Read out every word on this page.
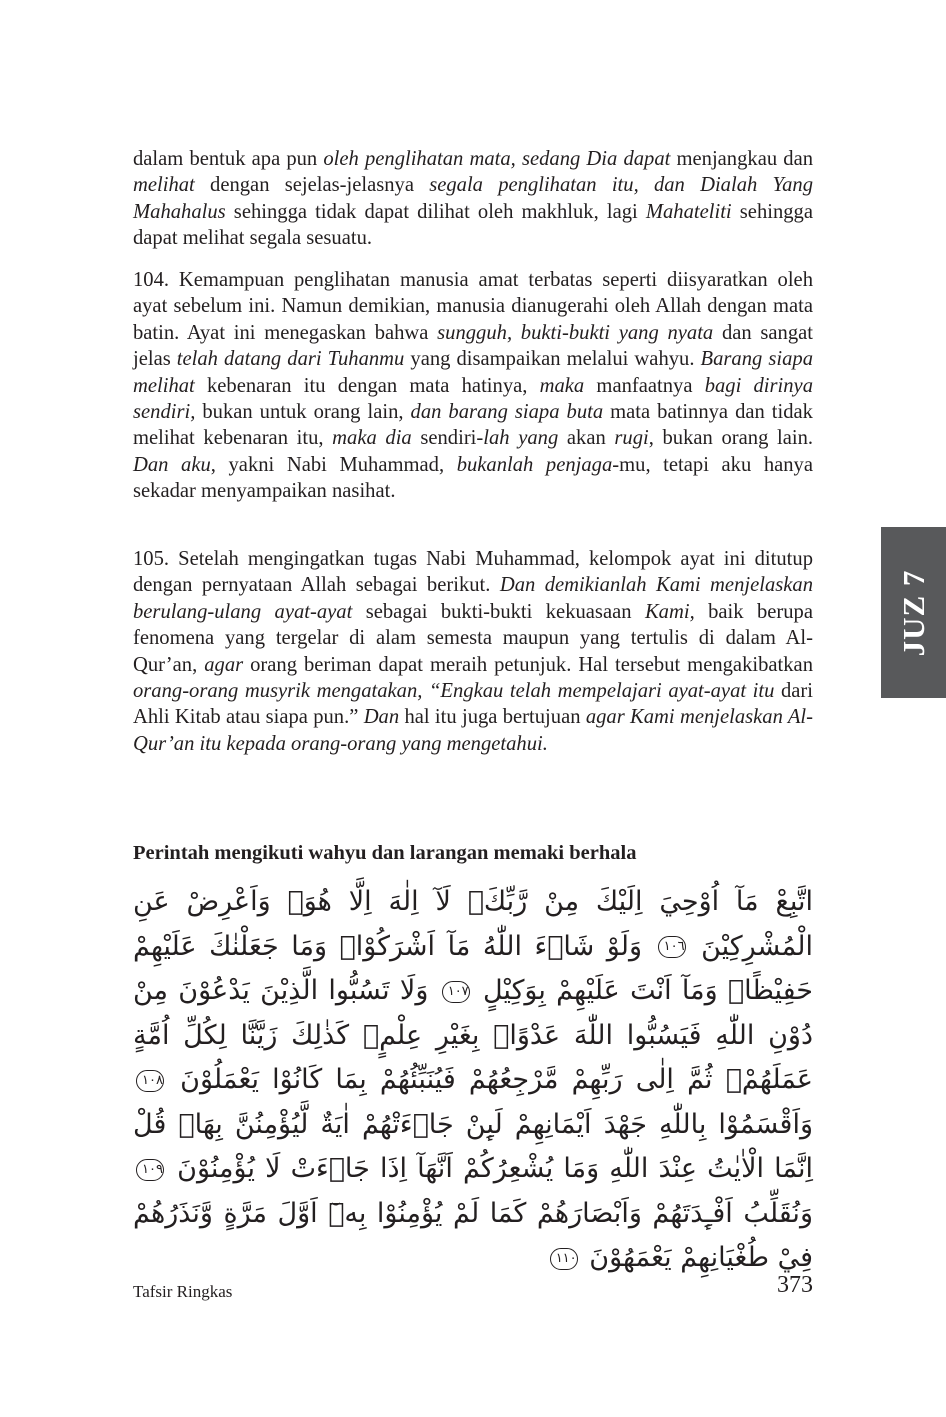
dalam bentuk apa pun oleh penglihatan mata, sedang Dia dapat menjangkau dan melihat dengan sejelas-jelasnya segala penglihatan itu, dan Dialah Yang Mahahalus sehingga tidak dapat dilihat oleh makhluk, lagi Mahateliti sehingga dapat melihat segala sesuatu.

104. Kemampuan penglihatan manusia amat terbatas seperti diisyaratkan oleh ayat sebelum ini. Namun demikian, manusia dianugerahi oleh Allah dengan mata batin. Ayat ini menegaskan bahwa sungguh, bukti-bukti yang nyata dan sangat jelas telah datang dari Tuhanmu yang disampaikan melalui wahyu. Barang siapa melihat kebenaran itu dengan mata hatinya, maka manfaatnya bagi dirinya sendiri, bukan untuk orang lain, dan barang siapa buta mata batinnya dan tidak melihat kebenaran itu, maka dia sendiri-lah yang akan rugi, bukan orang lain. Dan aku, yakni Nabi Muhammad, bukanlah penjaga-mu, tetapi aku hanya sekadar menyampaikan nasihat.

105. Setelah mengingatkan tugas Nabi Muhammad, kelompok ayat ini ditutup dengan pernyataan Allah sebagai berikut. Dan demikianlah Kami menjelaskan berulang-ulang ayat-ayat sebagai bukti-bukti kekuasaan Kami, baik berupa fenomena yang tergelar di alam semesta maupun yang tertulis di dalam Al-Qur’an, agar orang beriman dapat meraih petunjuk. Hal tersebut mengakibatkan orang-orang musyrik mengatakan, “Engkau telah mempelajari ayat-ayat itu dari Ahli Kitab atau siapa pun.” Dan hal itu juga bertujuan agar Kami menjelaskan Al-Qur’an itu kepada orang-orang yang mengetahui.

Perintah mengikuti wahyu dan larangan memaki berhala
اتَّبِعْ مَآ اُوْحِيَ اِلَيْكَ مِنْ رَّبِّكَۚ لَآ اِلٰهَ اِلَّا هُوَۚ وَاَعْرِضْ عَنِ الْمُشْرِكِيْنَ ١٠٦ وَلَوْ شَاۤءَ اللّٰهُ مَآ اَشْرَكُوْاۗ وَمَا جَعَلْنٰكَ عَلَيْهِمْ حَفِيْظًاۚ وَمَآ اَنْتَ عَلَيْهِمْ بِوَكِيْلٍ ١٠٧ وَلَا تَسُبُّوا الَّذِيْنَ يَدْعُوْنَ مِنْ دُوْنِ اللّٰهِ فَيَسُبُّوا اللّٰهَ عَدْوًاۢ بِغَيْرِ عِلْمٍۗ كَذٰلِكَ زَيَّنَّا لِكُلِّ اُمَّةٍ عَمَلَهُمْۖ ثُمَّ اِلٰى رَبِّهِمْ مَّرْجِعُهُمْ فَيُنَبِّئُهُمْ بِمَا كَانُوْا يَعْمَلُوْنَ ١٠٨ وَاَقْسَمُوْا بِاللّٰهِ جَهْدَ اَيْمَانِهِمْ لَىِٕنْ جَاۤءَتْهُمْ اٰيَةٌ لَّيُؤْمِنُنَّ بِهَاۗ قُلْ اِنَّمَا الْاٰيٰتُ عِنْدَ اللّٰهِ وَمَا يُشْعِرُكُمْ اَنَّهَآ اِذَا جَاۤءَتْ لَا يُؤْمِنُوْنَ ١٠٩ وَنُقَلِّبُ اَفْـِٕدَتَهُمْ وَاَبْصَارَهُمْ كَمَا لَمْ يُؤْمِنُوْا بِهٖٓ اَوَّلَ مَرَّةٍ وَّنَذَرُهُمْ فِيْ طُغْيَانِهِمْ يَعْمَهُوْنَ ١١٠
JUZ 7
Tafsir Ringkas	373
